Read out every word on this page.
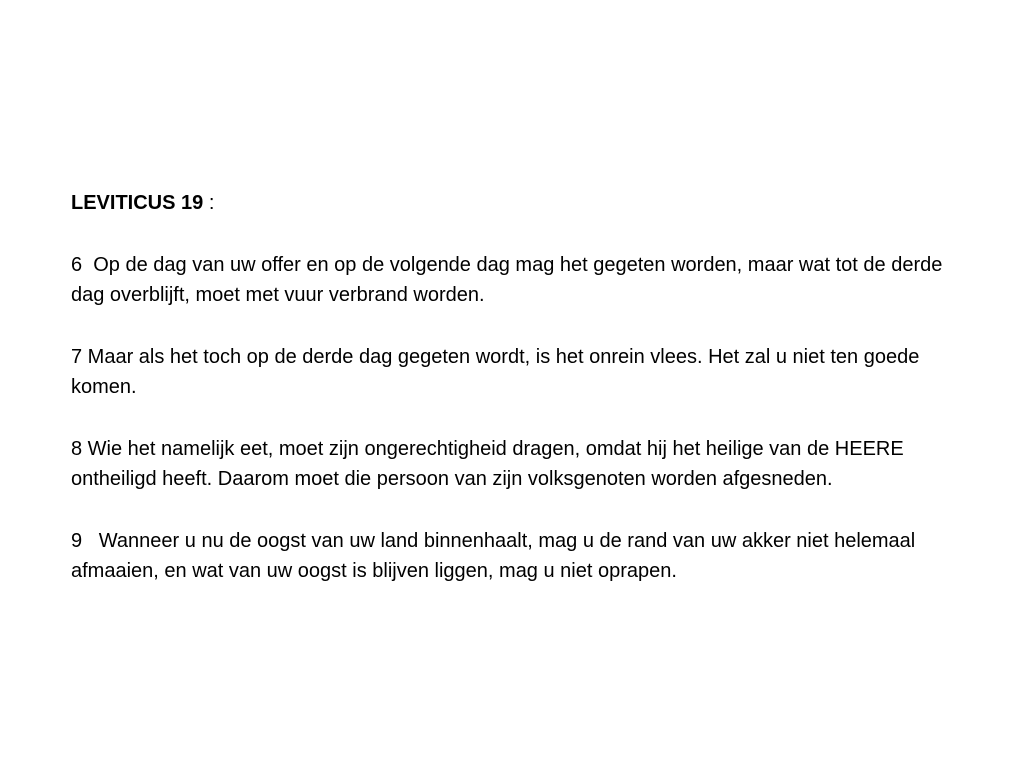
LEVITICUS 19 :

6  Op de dag van uw offer en op de volgende dag mag het gegeten worden, maar wat tot de derde dag overblijft, moet met vuur verbrand worden.

7 Maar als het toch op de derde dag gegeten wordt, is het onrein vlees. Het zal u niet ten goede komen.

8 Wie het namelijk eet, moet zijn ongerechtigheid dragen, omdat hij het heilige van de HEERE ontheiligd heeft. Daarom moet die persoon van zijn volksgenoten worden afgesneden.

9   Wanneer u nu de oogst van uw land binnenhaalt, mag u de rand van uw akker niet helemaal afmaaien, en wat van uw oogst is blijven liggen, mag u niet oprapen.
